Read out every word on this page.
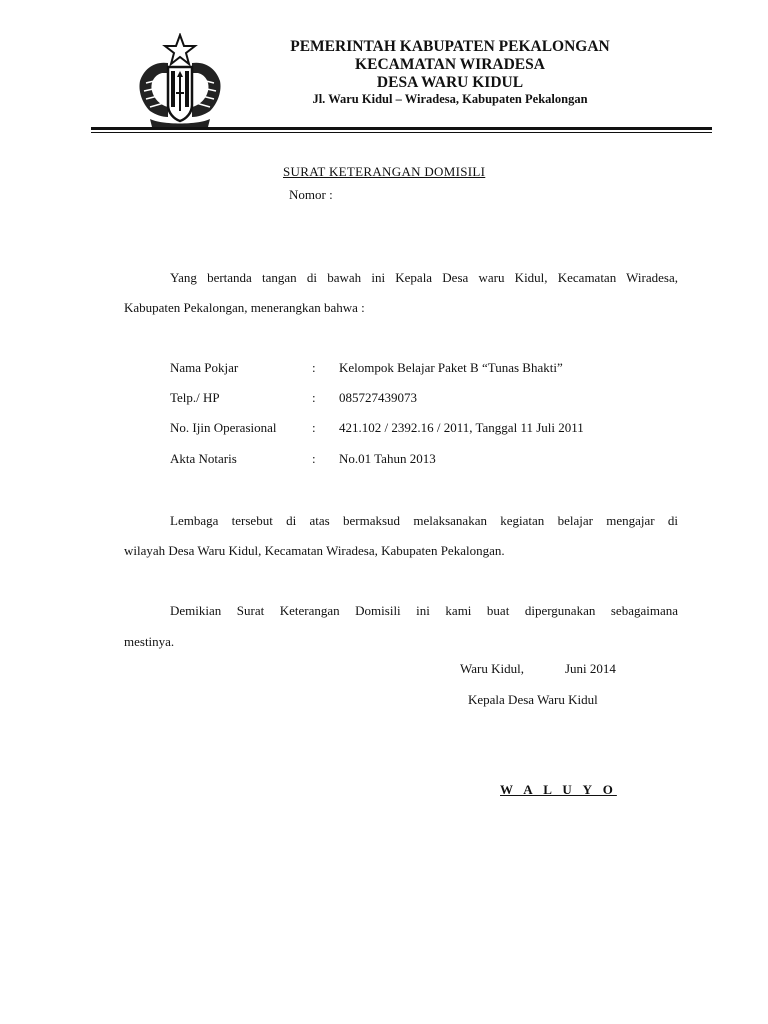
PEMERINTAH KABUPATEN PEKALONGAN
KECAMATAN WIRADESA
DESA WARU KIDUL
Jl. Waru Kidul – Wiradesa, Kabupaten Pekalongan
SURAT KETERANGAN DOMISILI
Nomor :
Yang bertanda tangan di bawah ini Kepala Desa waru Kidul, Kecamatan Wiradesa,
Kabupaten Pekalongan, menerangkan bahwa :
Nama Pokjar	: Kelompok Belajar Paket B “Tunas Bhakti”
Telp./ HP	: 085727439073
No. Ijin Operasional	: 421.102 / 2392.16 / 2011, Tanggal 11 Juli 2011
Akta Notaris	: No.01 Tahun 2013
Lembaga tersebut di atas bermaksud melaksanakan kegiatan belajar mengajar di
wilayah Desa Waru Kidul, Kecamatan Wiradesa, Kabupaten Pekalongan.
Demikian Surat Keterangan Domisili ini kami buat dipergunakan sebagaimana
mestinya.
Waru Kidul,	Juni 2014
Kepala Desa Waru Kidul
W A L U Y O
